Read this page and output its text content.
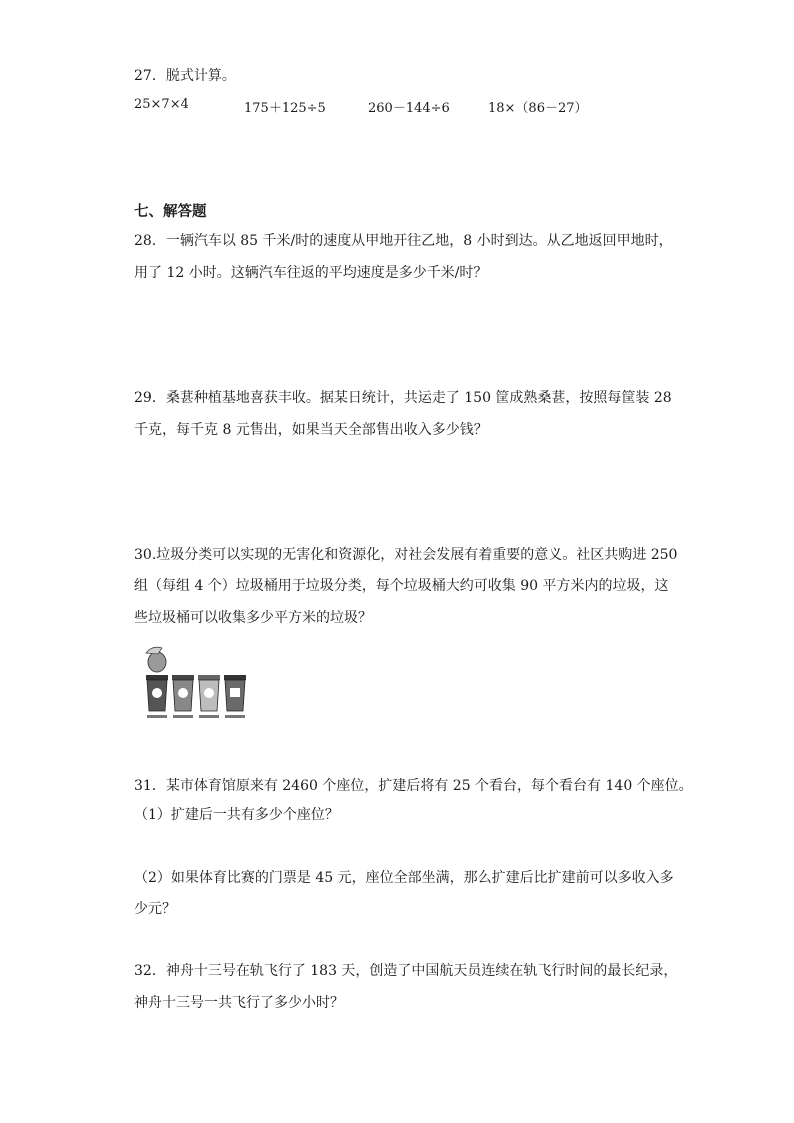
27．脱式计算。
25×7×4	175＋125÷5	260－144÷6	18×（86－27）
七、解答题
28．一辆汽车以 85 千米/时的速度从甲地开往乙地，8 小时到达。从乙地返回甲地时，
用了 12 小时。这辆汽车往返的平均速度是多少千米/时？
29．桑葚种植基地喜获丰收。据某日统计，共运走了 150 筐成熟桑葚，按照每筐装 28
千克，每千克 8 元售出，如果当天全部售出收入多少钱？
30.垃圾分类可以实现的无害化和资源化，对社会发展有着重要的意义。社区共购进 250
组（每组 4 个）垃圾桶用于垃圾分类，每个垃圾桶大约可收集 90 平方米内的垃圾，这
些垃圾桶可以收集多少平方米的垃圾？
31．某市体育馆原来有 2460 个座位，扩建后将有 25 个看台，每个看台有 140 个座位。
（1）扩建后一共有多少个座位？
（2）如果体育比赛的门票是 45 元，座位全部坐满，那么扩建后比扩建前可以多收入多
少元？
32．神舟十三号在轨飞行了 183 天，创造了中国航天员连续在轨飞行时间的最长纪录，
神舟十三号一共飞行了多少小时？
